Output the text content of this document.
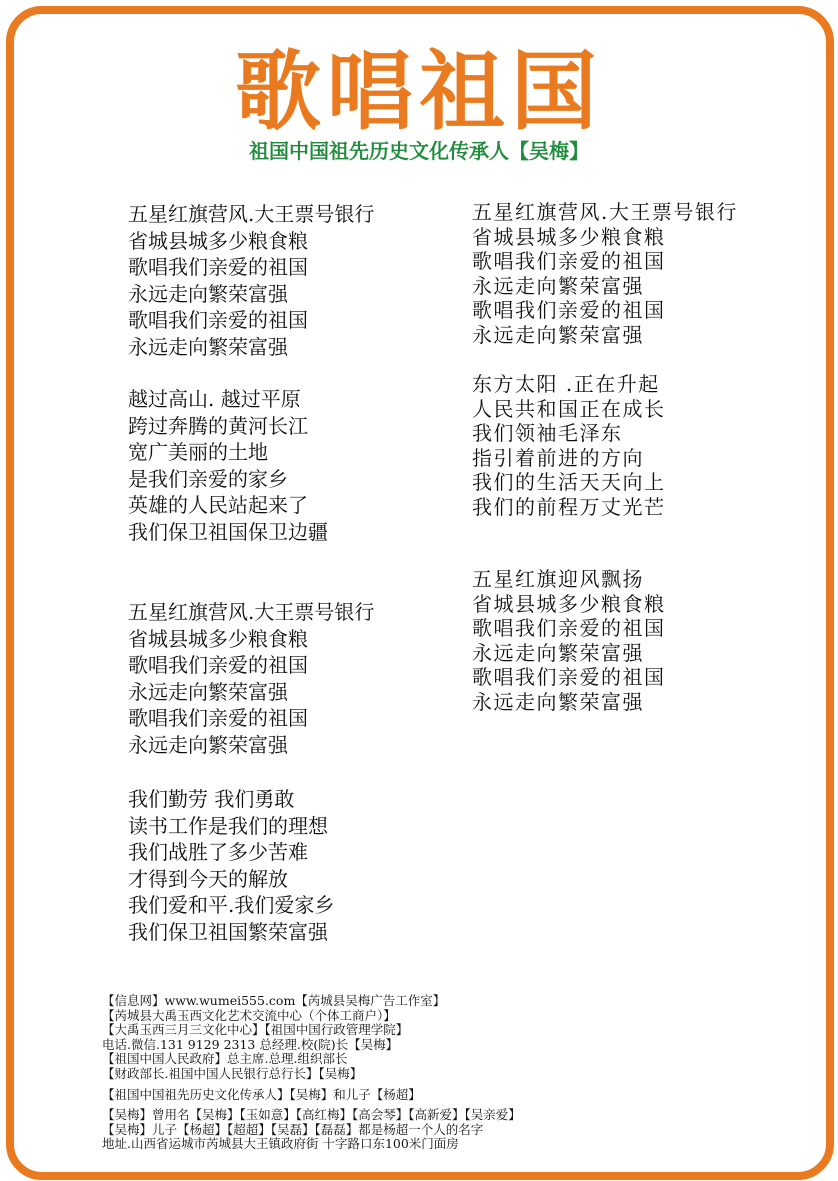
歌唱祖国
祖国中国祖先历史文化传承人【吴梅】
五星红旗营风.大王票号银行
省城县城多少粮食粮
歌唱我们亲爱的祖国
永远走向繁荣富强
歌唱我们亲爱的祖国
永远走向繁荣富强
越过高山. 越过平原
跨过奔腾的黄河长江
宽广美丽的土地
是我们亲爱的家乡
英雄的人民站起来了
我们保卫祖国保卫边疆
五星红旗营风.大王票号银行
省城县城多少粮食粮
歌唱我们亲爱的祖国
永远走向繁荣富强
歌唱我们亲爱的祖国
永远走向繁荣富强
我们勤劳 我们勇敢
读书工作是我们的理想
我们战胜了多少苦难
才得到今天的解放
我们爱和平.我们爱家乡
我们保卫祖国繁荣富强
五星红旗营风.大王票号银行
省城县城多少粮食粮
歌唱我们亲爱的祖国
永远走向繁荣富强
歌唱我们亲爱的祖国
永远走向繁荣富强
东方太阳 .正在升起
人民共和国正在成长
我们领袖毛泽东
指引着前进的方向
我们的生活天天向上
我们的前程万丈光芒
五星红旗迎风飘扬
省城县城多少粮食粮
歌唱我们亲爱的祖国
永远走向繁荣富强
歌唱我们亲爱的祖国
永远走向繁荣富强
【信息网】www.wumei555.com【芮城县吴梅广告工作室】
【芮城县大禹玉西文化艺术交流中心（个体工商户）】
【大禹玉西三月三文化中心】【祖国中国行政管理学院】
电话.微信.131 9129 2313 总经理.校(院)长【吴梅】
【祖国中国人民政府】总主席.总理.组织部长
【财政部长.祖国中国人民银行总行长】【吴梅】
【祖国中国祖先历史文化传承人】【吴梅】和儿子【杨超】
【吴梅】曾用名【吴梅】【玉如意】【高红梅】【高会琴】【高新爱】【吴亲爱】
【吴梅】儿子【杨超】【超超】【吴磊】【磊磊】都是杨超一个人的名字
地址.山西省运城市芮城县大王镇政府街 十字路口东100米门面房
